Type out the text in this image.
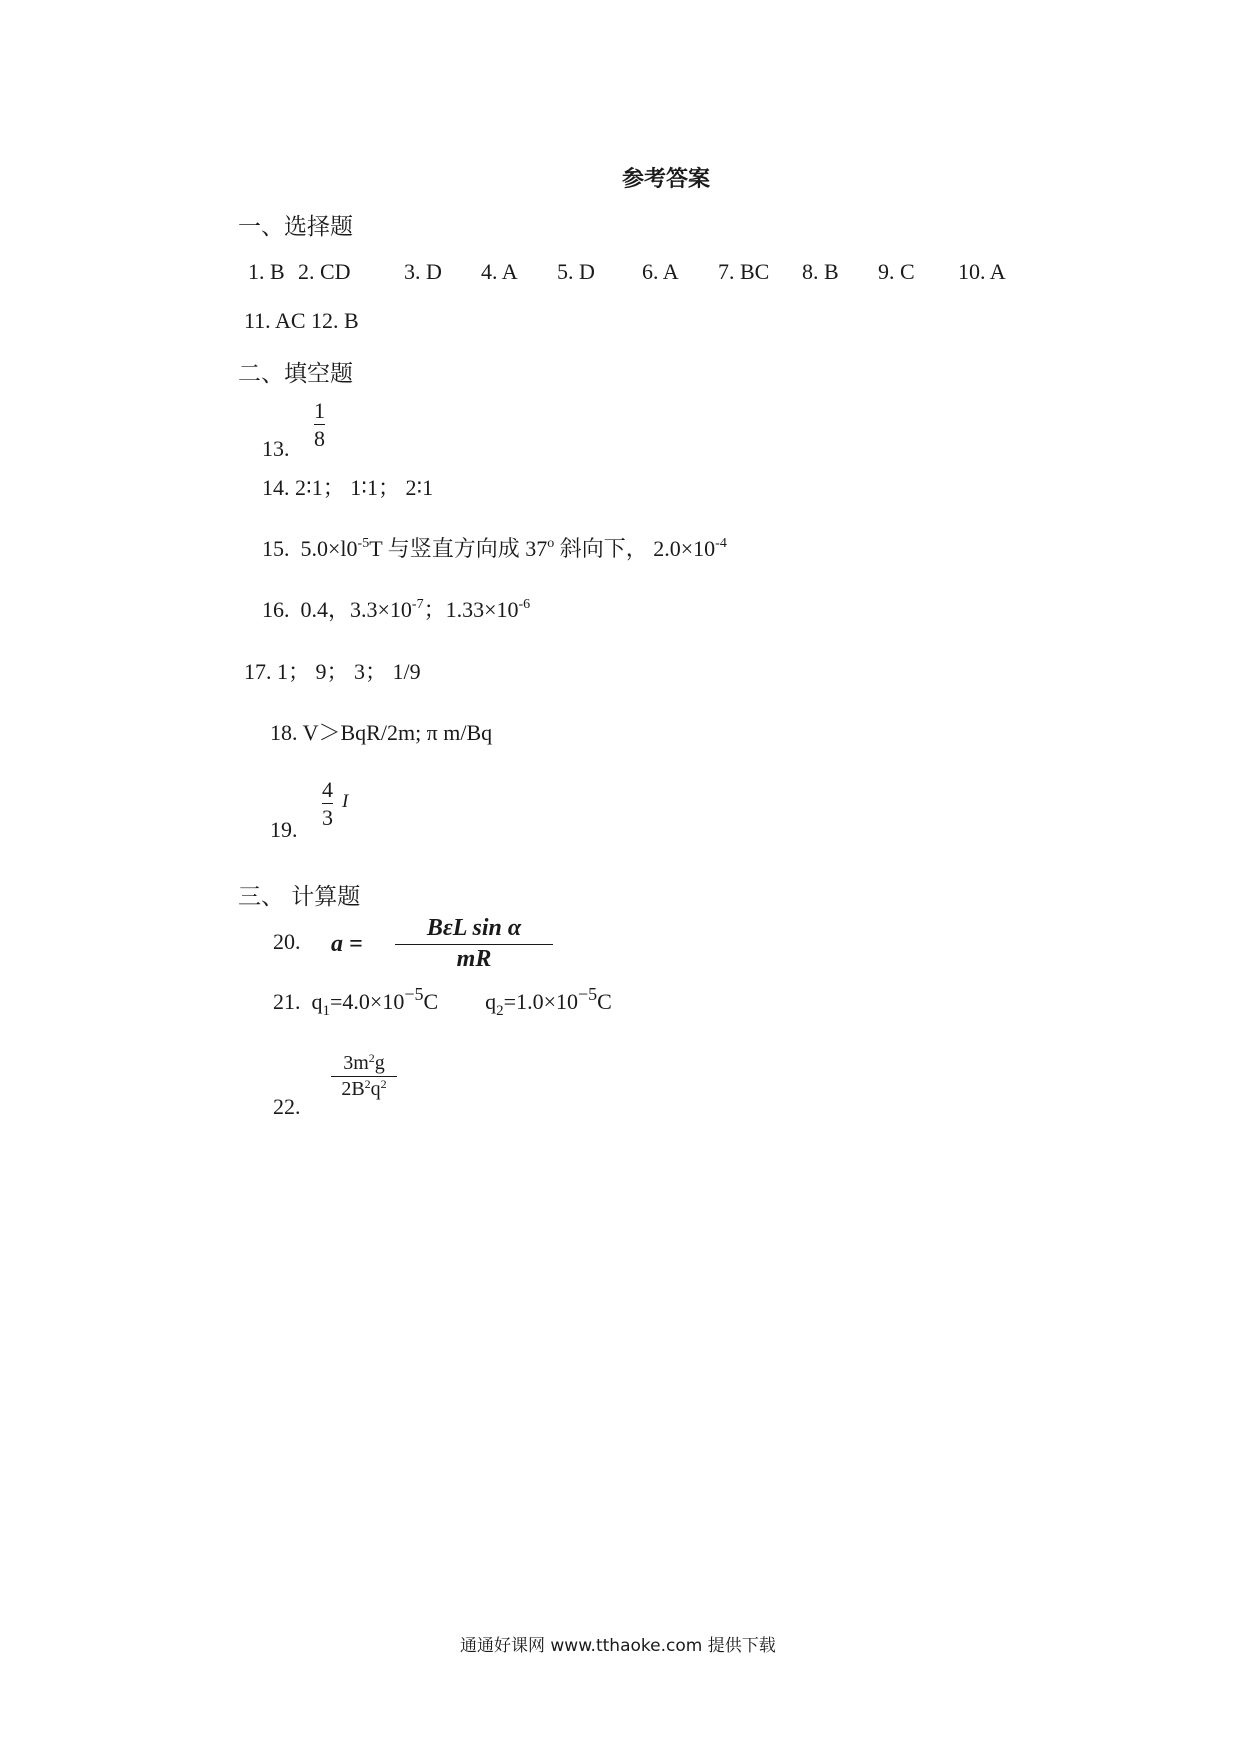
参考答案
一、选择题
1. B 2. CD 3. D 4. A 5. D 6. A 7. BC 8. B 9. C 10. A
11. AC 12. B
二、填空题
13.
1
8
14. 2∶1； 1∶1； 2∶1
15. $5.0\times l0^{-5}T$ 与竖直方向成 37$^o$ 斜向下， $2.0\times 10^{-4}$
16. 0.4，$3.3\times 10^{-7}$；$1.33\times 10^{-6}$
17. 1； 9； 3； 1/9
18. V＞BqR/2m; π m/Bq
19.
4
3
I
三、 计算题
20. a =
BεL sin α
mR
21. $q_1=4.0\times 10^{-5}C$ $q_2=1.0\times 10^{-5}C$
22.
$3m^2g$
$2B^2q^2$
通通好课网 www.tthaoke.com 提供下载
